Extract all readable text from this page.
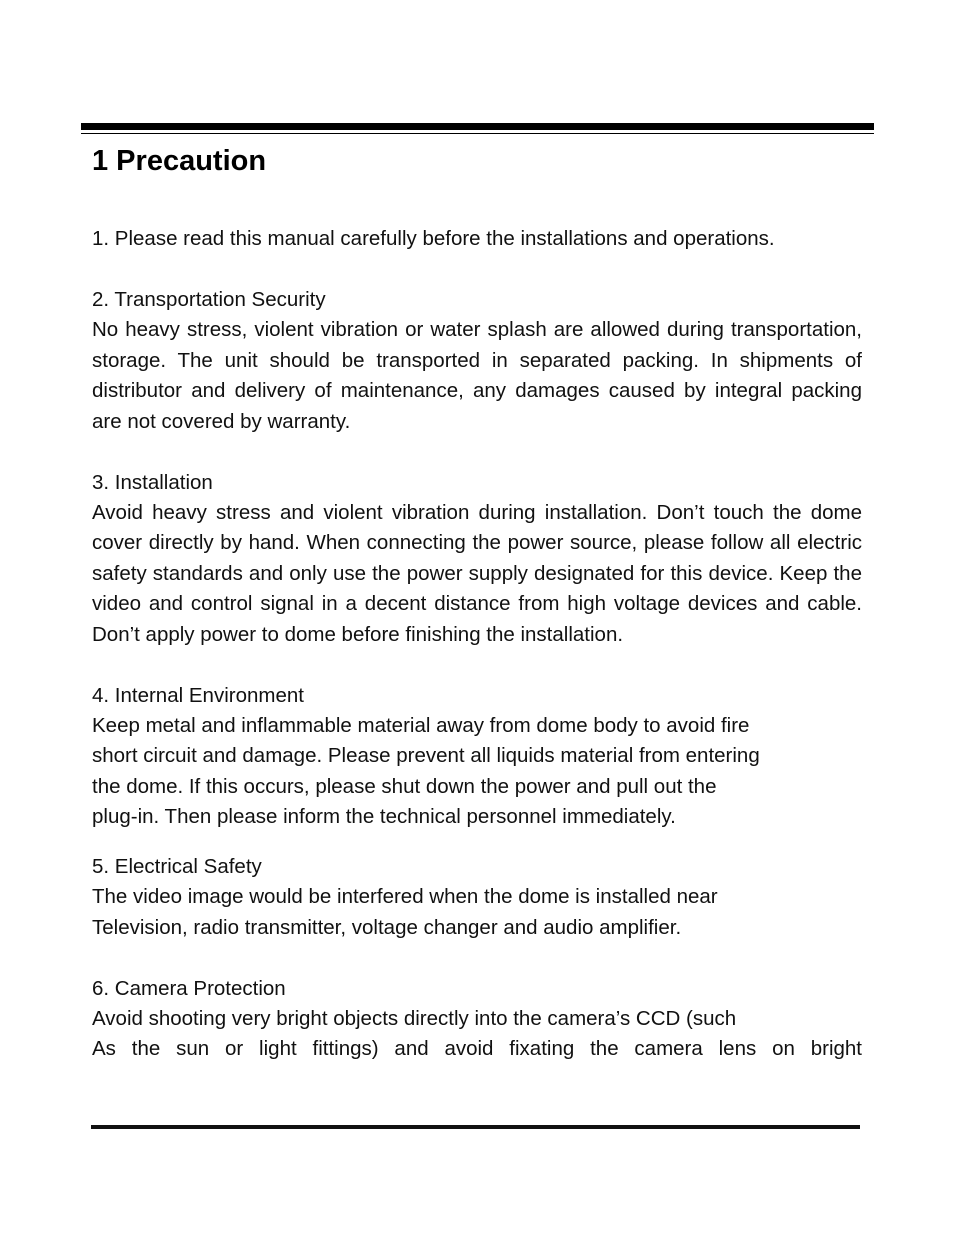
1 Precaution

1. Please read this manual carefully before the installations and operations.

2. Transportation Security

No heavy stress, violent vibration or water splash are allowed during transportation, storage. The unit should be transported in separated packing. In shipments of distributor and delivery of maintenance, any damages caused by integral packing are not covered by warranty.

3. Installation

Avoid heavy stress and violent vibration during installation. Don’t touch the dome cover directly by hand. When connecting the power source, please follow all electric safety standards and only use the power supply designated for this device. Keep the video and control signal in a decent distance from high voltage devices and cable. Don’t apply power to dome before finishing the installation.

4. Internal Environment

Keep metal and inflammable material away from dome body to avoid fire

short circuit and damage. Please prevent all liquids material from entering

the dome. If this occurs, please shut down the power and pull out the

plug-in. Then please inform the technical personnel immediately.

5. Electrical Safety

The video image would be interfered when the dome is installed near

Television, radio transmitter, voltage changer and audio amplifier.

6. Camera Protection

Avoid shooting very bright objects directly into the camera’s CCD (such

As the sun or light fittings) and avoid fixating the camera lens on bright
